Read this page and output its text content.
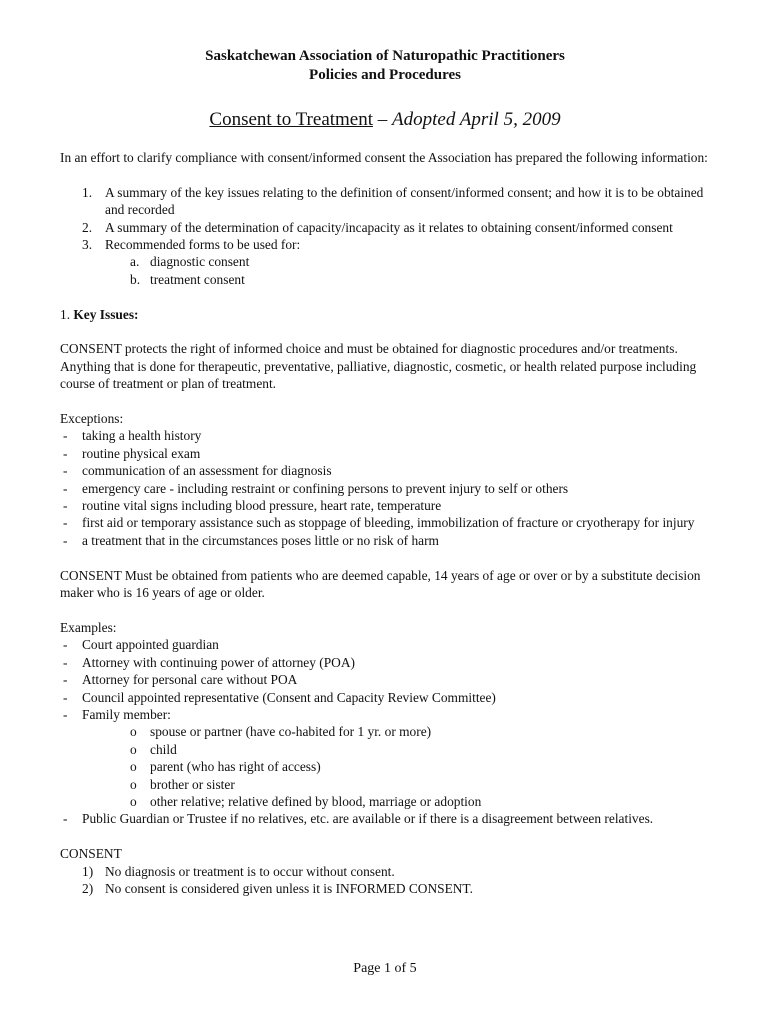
Saskatchewan Association of Naturopathic Practitioners
Policies and Procedures
Consent to Treatment – Adopted April 5, 2009

In an effort to clarify compliance with consent/informed consent the Association has prepared the following information:

1. A summary of the key issues relating to the definition of consent/informed consent; and how it is to be obtained and recorded
2. A summary of the determination of capacity/incapacity as it relates to obtaining consent/informed consent
3. Recommended forms to be used for:
a. diagnostic consent
b. treatment consent

1. Key Issues:

CONSENT protects the right of informed choice and must be obtained for diagnostic procedures and/or treatments. Anything that is done for therapeutic, preventative, palliative, diagnostic, cosmetic, or health related purpose including course of treatment or plan of treatment.

Exceptions:

- taking a health history
- routine physical exam
- communication of an assessment for diagnosis
- emergency care - including restraint or confining persons to prevent injury to self or others
- routine vital signs including blood pressure, heart rate, temperature
- first aid or temporary assistance such as stoppage of bleeding, immobilization of fracture or cryotherapy for injury
- a treatment that in the circumstances poses little or no risk of harm

CONSENT Must be obtained from patients who are deemed capable, 14 years of age or over or by a substitute decision maker who is 16 years of age or older.

Examples:

- Court appointed guardian
- Attorney with continuing power of attorney (POA)
- Attorney for personal care without POA
- Council appointed representative (Consent and Capacity Review Committee)
- Family member:
o spouse or partner (have co-habited for 1 yr. or more)
o child
o parent (who has right of access)
o brother or sister
o other relative; relative defined by blood, marriage or adoption
- Public Guardian or Trustee if no relatives, etc. are available or if there is a disagreement between relatives.

CONSENT

1) No diagnosis or treatment is to occur without consent.
2) No consent is considered given unless it is INFORMED CONSENT.
Page 1 of 5
